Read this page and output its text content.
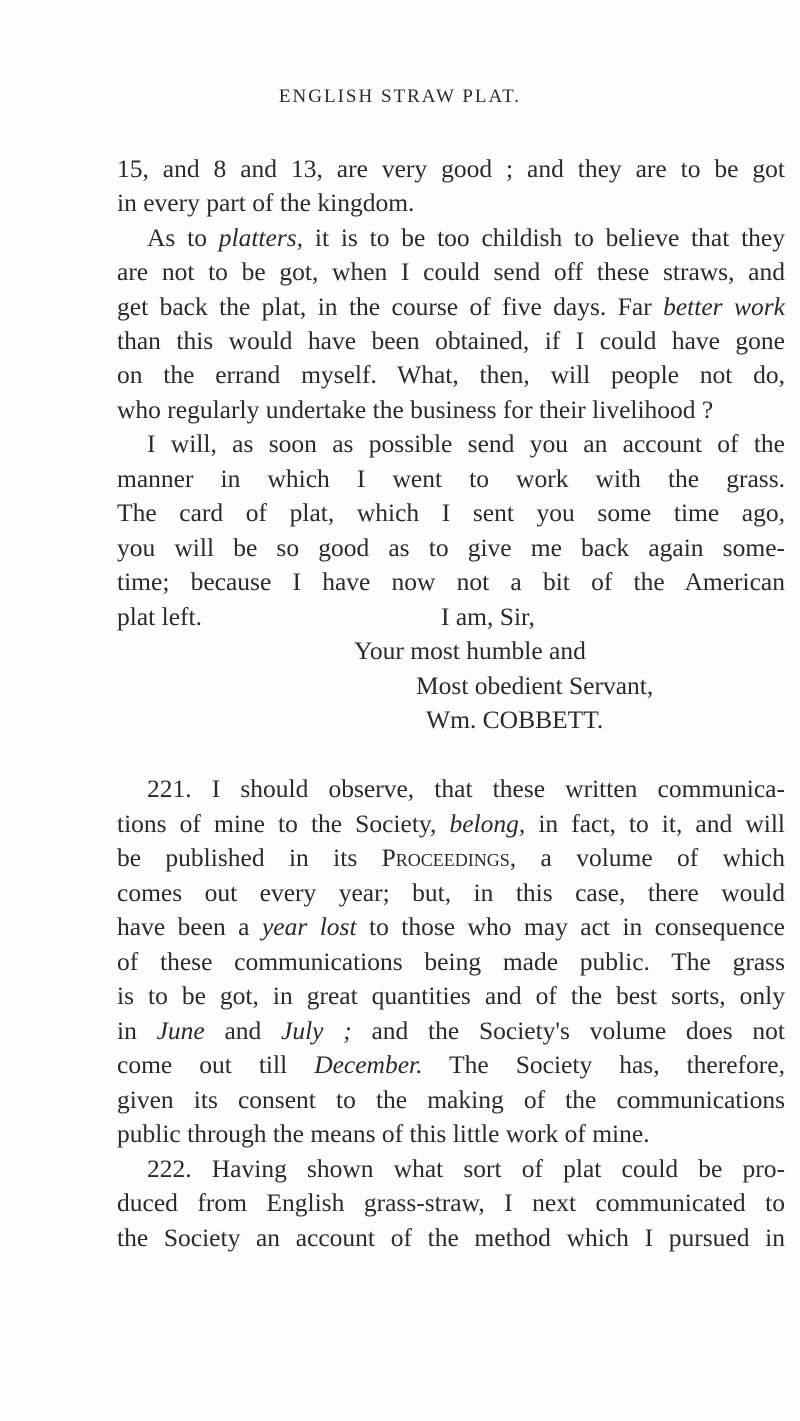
ENGLISH STRAW PLAT.
15, and 8 and 13, are very good ; and they are to be got
in every part of the kingdom.
As to platters, it is to be too childish to believe that they
are not to be got, when I could send off these straws, and
get back the plat, in the course of five days. Far better work
than this would have been obtained, if I could have gone
on the errand myself. What, then, will people not do,
who regularly undertake the business for their livelihood ?
I will, as soon as possible send you an account of the
manner in which I went to work with the grass.
The card of plat, which I sent you some time ago,
you will be so good as to give me back again some-
time; because I have now not a bit of the American
plat left.	I am, Sir,
Your most humble and
Most obedient Servant,
Wm. COBBETT.
221. I should observe, that these written communica-
tions of mine to the Society, belong, in fact, to it, and will
be published in its Proceedings, a volume of which
comes out every year; but, in this case, there would
have been a year lost to those who may act in consequence
of these communications being made public. The grass
is to be got, in great quantities and of the best sorts, only
in June and July ; and the Society's volume does not
come out till December. The Society has, therefore,
given its consent to the making of the communications
public through the means of this little work of mine.
222. Having shown what sort of plat could be pro-
duced from English grass-straw, I next communicated to
the Society an account of the method which I pursued in
